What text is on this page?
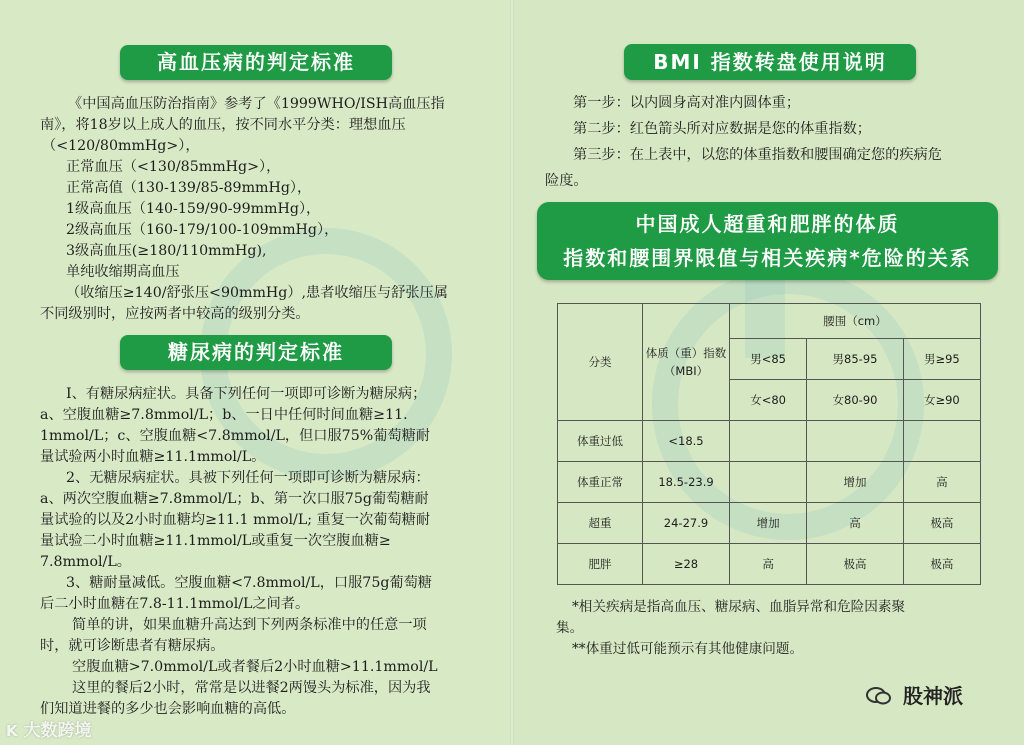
高血压病的判定标准
《中国高血压防治指南》参考了《1999WHO/ISH高血压指
南》，将18岁以上成人的血压，按不同水平分类：理想血压
（<120/80mmHg>），
正常血压（<130/85mmHg>），
正常高值（130-139/85-89mmHg），
1级高血压（140-159/90-99mmHg），
2级高血压（160-179/100-109mmHg），
3级高血压(≥180/110mmHg),
单纯收缩期高血压
（收缩压≥140/舒张压<90mmHg）,患者收缩压与舒张压属
不同级别时，应按两者中较高的级别分类。
糖尿病的判定标准
I、有糖尿病症状。具备下列任何一项即可诊断为糖尿病；
a、空腹血糖≥7.8mmol/L；b、一日中任何时间血糖≥11.
1mmol/L；c、空腹血糖<7.8mmol/L，但口服75%葡萄糖耐
量试验两小时血糖≥11.1mmol/L。
2、无糖尿病症状。具被下列任何一项即可诊断为糖尿病：
a、两次空腹血糖≥7.8mmol/L；b、第一次口服75g葡萄糖耐
量试验的以及2小时血糖均≥11.1 mmol/L; 重复一次葡萄糖耐
量试验二小时血糖≥11.1mmol/L或重复一次空腹血糖≥
7.8mmol/L。
3、糖耐量减低。空腹血糖<7.8mmol/L，口服75g葡萄糖
后二小时血糖在7.8-11.1mmol/L之间者。
简单的讲，如果血糖升高达到下列两条标准中的任意一项
时，就可诊断患者有糖尿病。
空腹血糖>7.0mmol/L或者餐后2小时血糖>11.1mmol/L
这里的餐后2小时，常常是以进餐2两馒头为标准，因为我
们知道进餐的多少也会影响血糖的高低。
K 大数跨境
BMI 指数转盘使用说明
第一步：以内圆身高对准内圆体重；
第二步：红色箭头所对应数据是您的体重指数；
第三步：在上表中，以您的体重指数和腰围确定您的疾病危
险度。
中国成人超重和肥胖的体质
指数和腰围界限值与相关疾病*危险的关系
分类	体质（重）指数（MBI）	腰围（cm）		
		男<85	男85-95	男≥95
		女<80	女80-90	女≥90
体重过低	<18.5			
体重正常	18.5-23.9		增加	高
超重	24-27.9	增加	高	极高
肥胖	≥28	高	极高	极高
*相关疾病是指高血压、糖尿病、血脂异常和危险因素聚
集。
**体重过低可能预示有其他健康问题。
股神派
